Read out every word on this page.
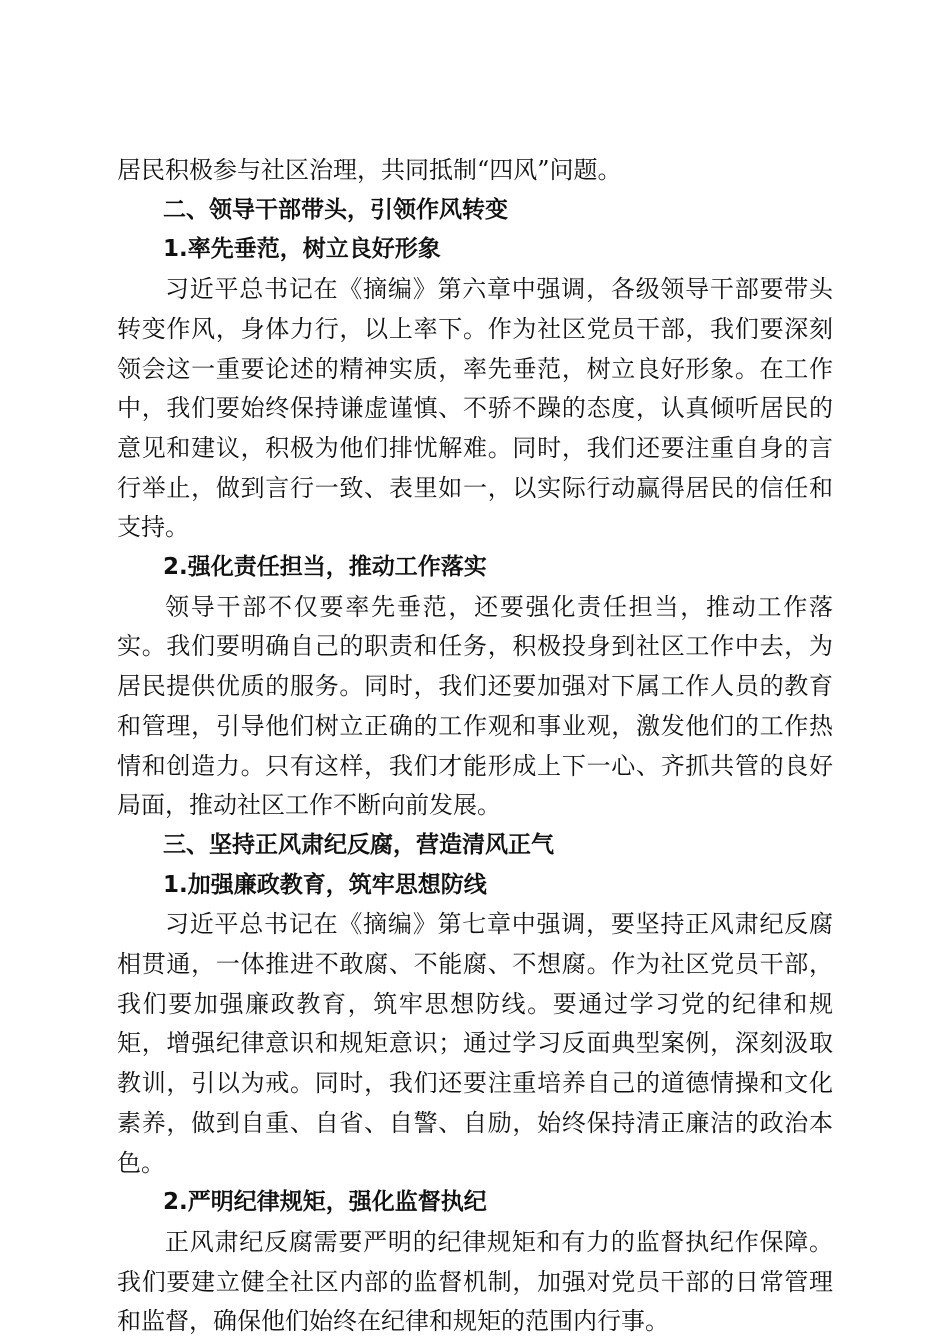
居民积极参与社区治理，共同抵制“四风”问题。

二、领导干部带头，引领作风转变

1.率先垂范，树立良好形象

习近平总书记在《摘编》第六章中强调，各级领导干部要带头转变作风，身体力行，以上率下。作为社区党员干部，我们要深刻领会这一重要论述的精神实质，率先垂范，树立良好形象。在工作中，我们要始终保持谦虚谨慎、不骄不躁的态度，认真倾听居民的意见和建议，积极为他们排忧解难。同时，我们还要注重自身的言行举止，做到言行一致、表里如一，以实际行动赢得居民的信任和支持。

2.强化责任担当，推动工作落实

领导干部不仅要率先垂范，还要强化责任担当，推动工作落实。我们要明确自己的职责和任务，积极投身到社区工作中去，为居民提供优质的服务。同时，我们还要加强对下属工作人员的教育和管理，引导他们树立正确的工作观和事业观，激发他们的工作热情和创造力。只有这样，我们才能形成上下一心、齐抓共管的良好局面，推动社区工作不断向前发展。

三、坚持正风肃纪反腐，营造清风正气

1.加强廉政教育，筑牢思想防线

习近平总书记在《摘编》第七章中强调，要坚持正风肃纪反腐相贯通，一体推进不敢腐、不能腐、不想腐。作为社区党员干部，我们要加强廉政教育，筑牢思想防线。要通过学习党的纪律和规矩，增强纪律意识和规矩意识；通过学习反面典型案例，深刻汲取教训，引以为戒。同时，我们还要注重培养自己的道德情操和文化素养，做到自重、自省、自警、自励，始终保持清正廉洁的政治本色。

2.严明纪律规矩，强化监督执纪

正风肃纪反腐需要严明的纪律规矩和有力的监督执纪作保障。我们要建立健全社区内部的监督机制，加强对党员干部的日常管理和监督，确保他们始终在纪律和规矩的范围内行事。
